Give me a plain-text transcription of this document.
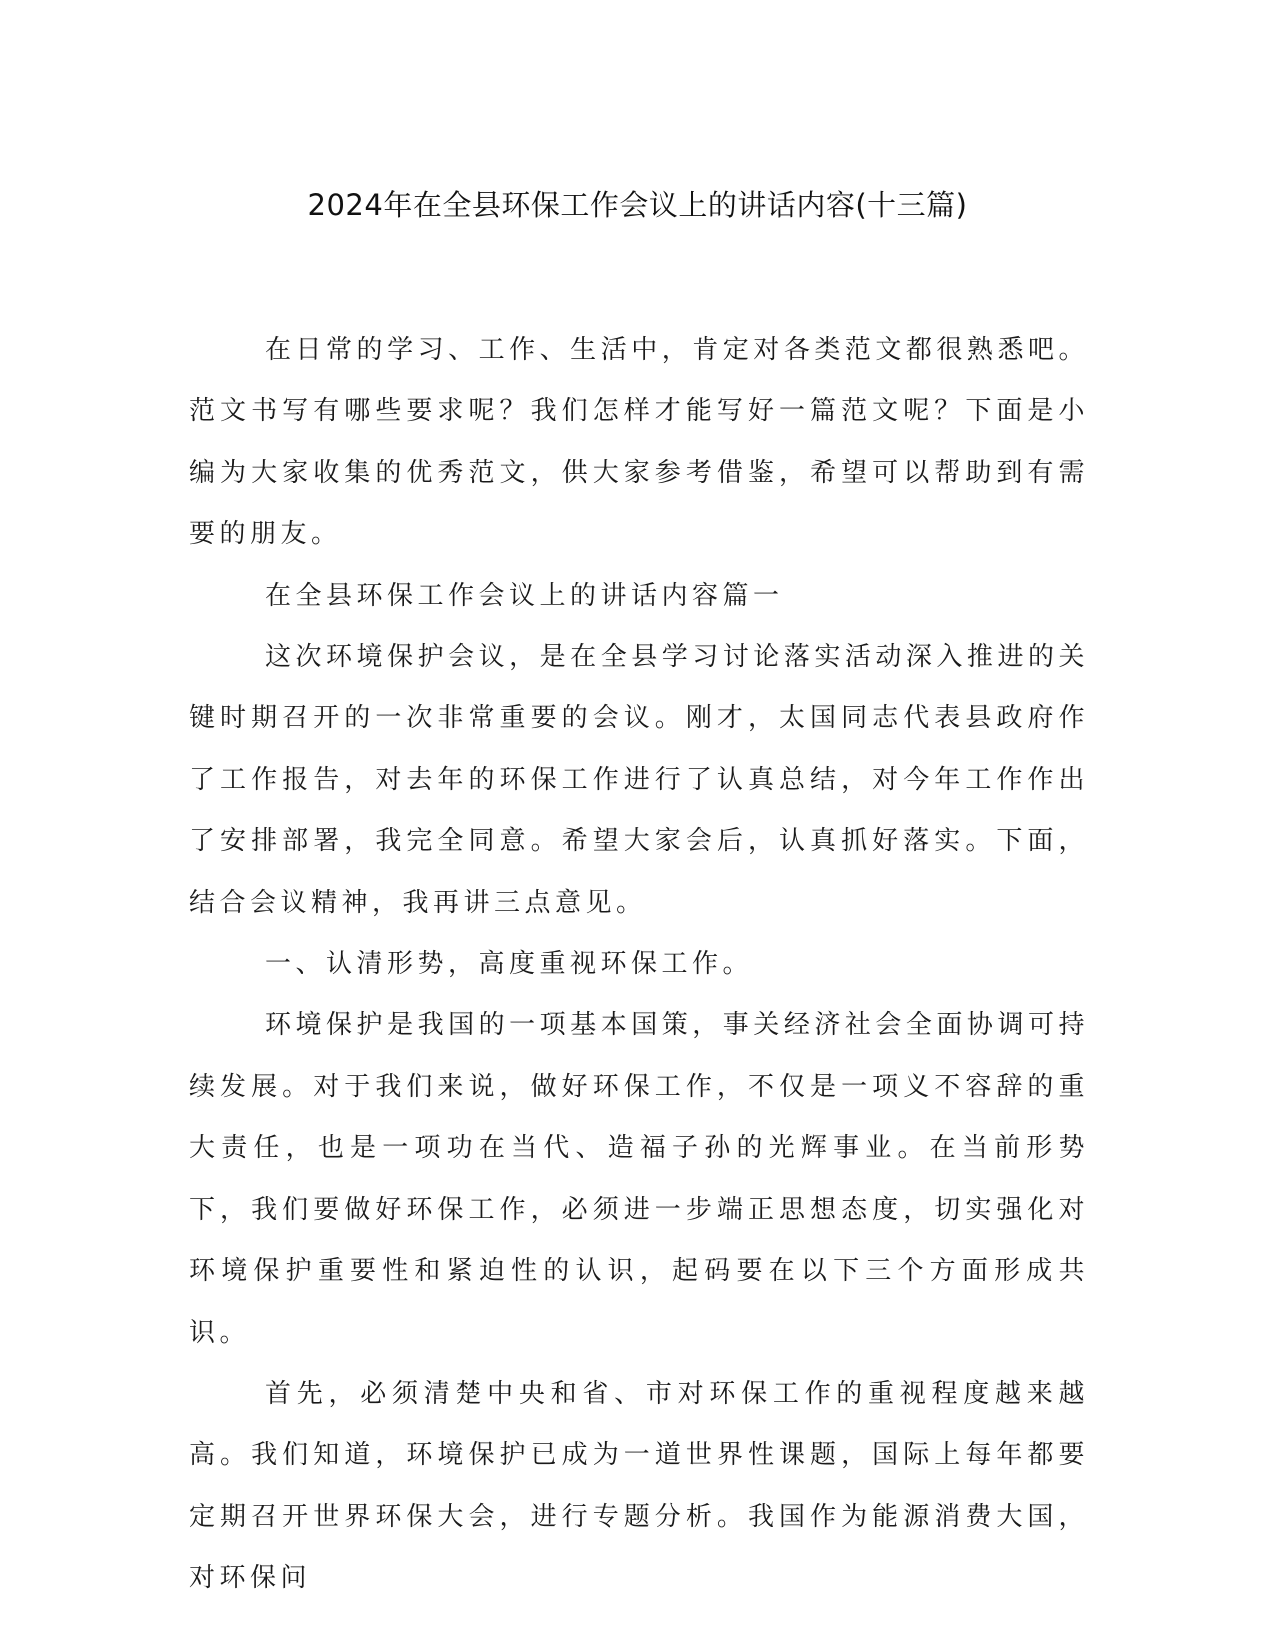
2024年在全县环保工作会议上的讲话内容(十三篇)

在日常的学习、工作、生活中，肯定对各类范文都很熟悉吧。范文书写有哪些要求呢？我们怎样才能写好一篇范文呢？下面是小编为大家收集的优秀范文，供大家参考借鉴，希望可以帮助到有需要的朋友。

在全县环保工作会议上的讲话内容篇一

这次环境保护会议，是在全县学习讨论落实活动深入推进的关键时期召开的一次非常重要的会议。刚才，太国同志代表县政府作了工作报告，对去年的环保工作进行了认真总结，对今年工作作出了安排部署，我完全同意。希望大家会后，认真抓好落实。下面，结合会议精神，我再讲三点意见。

一、认清形势，高度重视环保工作。

环境保护是我国的一项基本国策，事关经济社会全面协调可持续发展。对于我们来说，做好环保工作，不仅是一项义不容辞的重大责任，也是一项功在当代、造福子孙的光辉事业。在当前形势下，我们要做好环保工作，必须进一步端正思想态度，切实强化对环境保护重要性和紧迫性的认识，起码要在以下三个方面形成共识。

首先，必须清楚中央和省、市对环保工作的重视程度越来越高。我们知道，环境保护已成为一道世界性课题，国际上每年都要定期召开世界环保大会，进行专题分析。我国作为能源消费大国，对环保问
